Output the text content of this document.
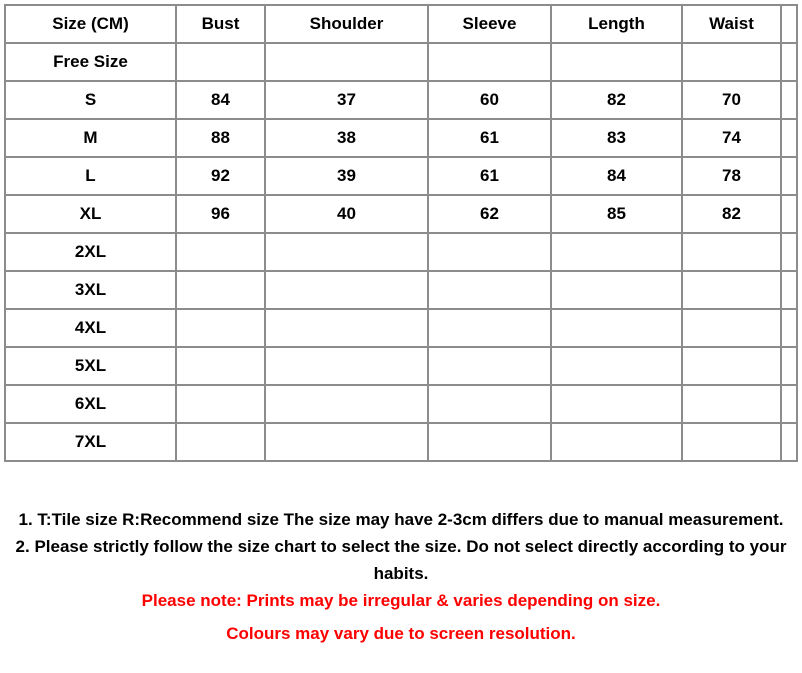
Size (CM)	Bust	Shoulder	Sleeve	Length	Waist	
Free Size						
S	84	37	60	82	70	
M	88	38	61	83	74	
L	92	39	61	84	78	
XL	96	40	62	85	82	
2XL						
3XL						
4XL						
5XL						
6XL						
7XL						

1. T:Tile size R:Recommend size The size may have 2-3cm differs due to manual measurement.

2. Please strictly follow the size chart to select the size. Do not select directly according to your habits.

Please note: Prints may be irregular & varies depending on size.

Colours may vary due to screen resolution.
